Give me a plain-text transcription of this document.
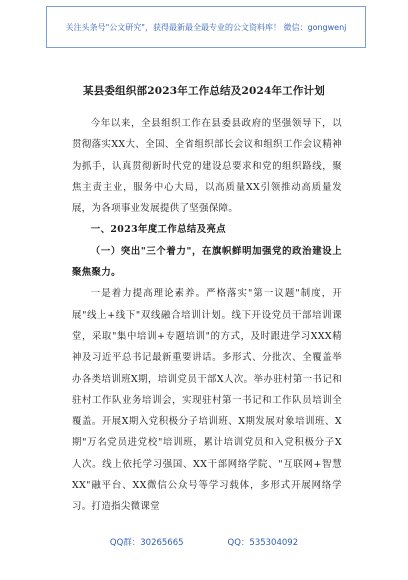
关注头条号"公文研究"，获得最新最全最专业的公文资料库！ 微信：gongwenj
某县委组织部2023年工作总结及2024年工作计划

今年以来，全县组织工作在县委县政府的坚强领导下，以贯彻落实XX大、全国、全省组织部长会议和组织工作会议精神为抓手，认真贯彻新时代党的建设总要求和党的组织路线，聚焦主责主业，服务中心大局，以高质量XX引领推动高质量发展，为各项事业发展提供了坚强保障。

一、2023年度工作总结及亮点

（一）突出"三个着力"，在旗帜鲜明加强党的政治建设上聚焦聚力。

一是着力提高理论素养。严格落实"第一议题"制度，开展"线上+线下"双线融合培训计划。线下开设党员干部培训课堂，采取"集中培训+专题培训"的方式，及时跟进学习XXX精神及习近平总书记最新重要讲话。多形式、分批次、全覆盖举办各类培训班X期，培训党员干部X人次。举办驻村第一书记和驻村工作队业务培训会，实现驻村第一书记和工作队员培训全覆盖。开展X期入党积极分子培训班、X期发展对象培训班、X期"万名党员进党校"培训班，累计培训党员和入党积极分子X人次。线上依托学习强国、XX干部网络学院、"互联网+智慧XX"融平台、XX微信公众号等学习载体，多形式开展网络学习。打造指尖微课堂

QQ群：30265665	QQ：535304092
